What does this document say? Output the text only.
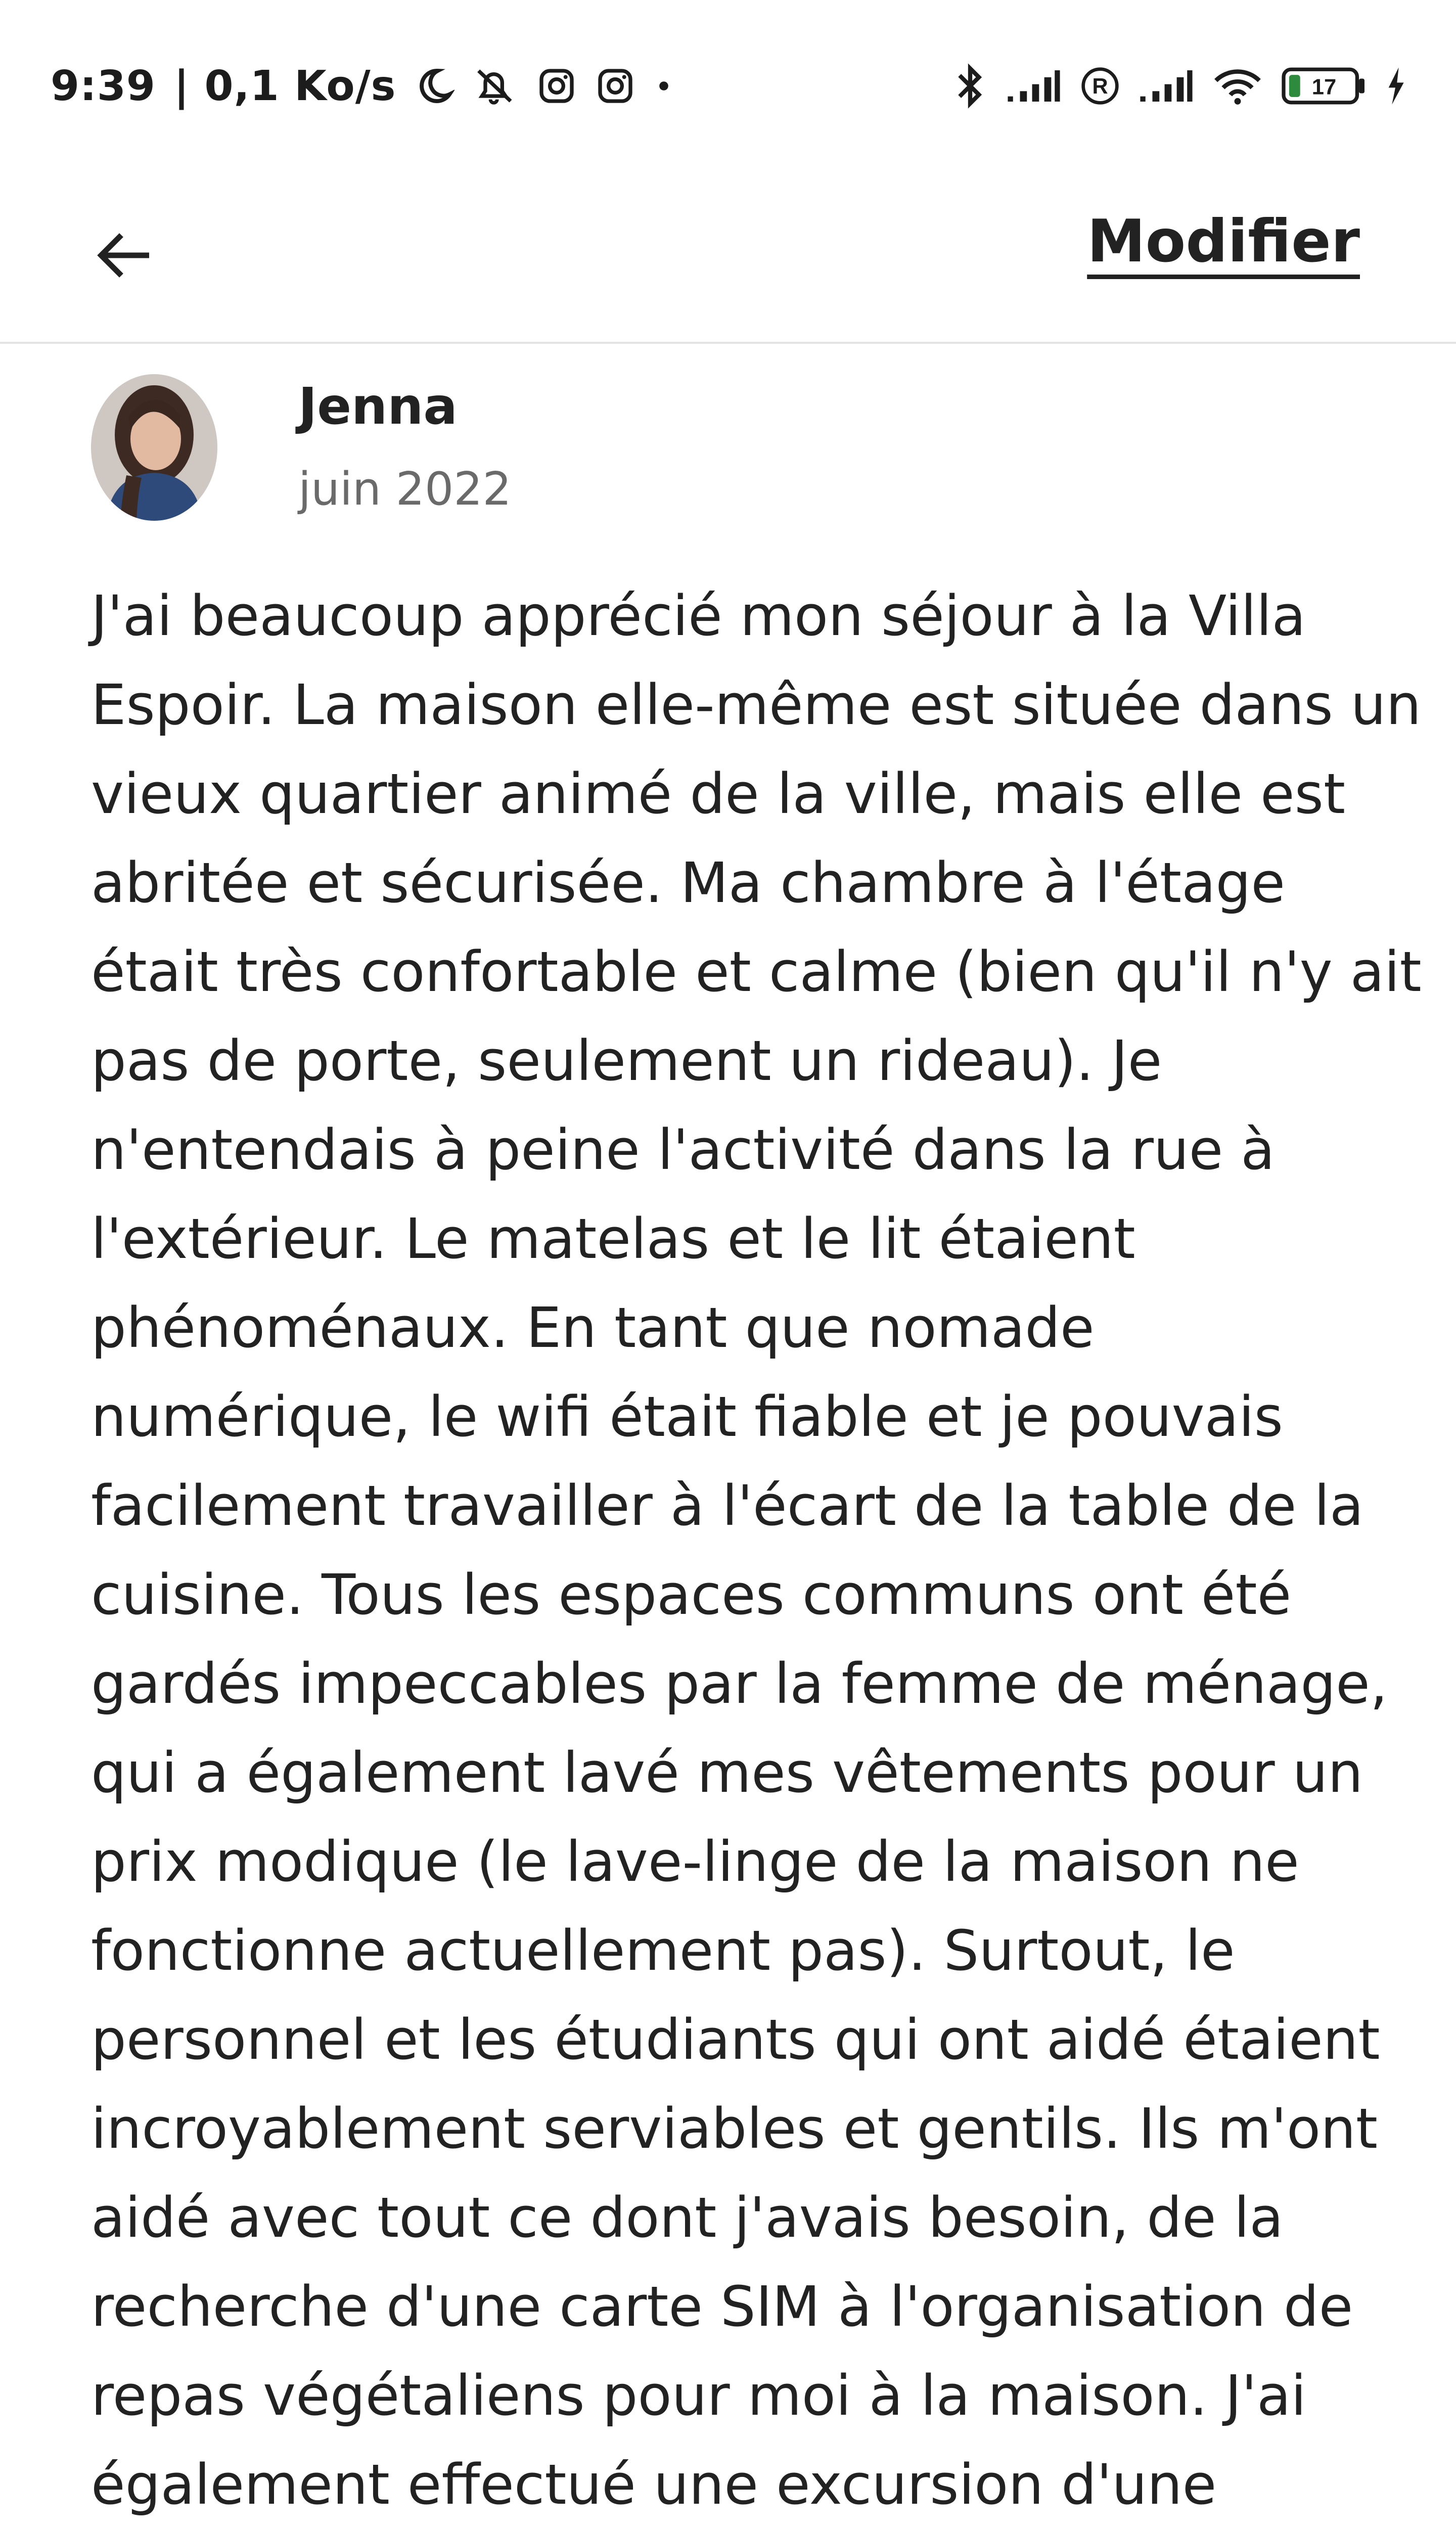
9:39 | 0,1 Ko/s	R	17
Modifier
Jenna
juin 2022
J'ai beaucoup apprécié mon séjour à la Villa
Espoir. La maison elle-même est située dans un
vieux quartier animé de la ville, mais elle est
abritée et sécurisée. Ma chambre à l'étage
était très confortable et calme (bien qu'il n'y ait
pas de porte, seulement un rideau). Je
n'entendais à peine l'activité dans la rue à
l'extérieur. Le matelas et le lit étaient
phénoménaux. En tant que nomade
numérique, le wifi était fiable et je pouvais
facilement travailler à l'écart de la table de la
cuisine. Tous les espaces communs ont été
gardés impeccables par la femme de ménage,
qui a également lavé mes vêtements pour un
prix modique (le lave-linge de la maison ne
fonctionne actuellement pas). Surtout, le
personnel et les étudiants qui ont aidé étaient
incroyablement serviables et gentils. Ils m'ont
aidé avec tout ce dont j'avais besoin, de la
recherche d'une carte SIM à l'organisation de
repas végétaliens pour moi à la maison. J'ai
également effectué une excursion d'une
